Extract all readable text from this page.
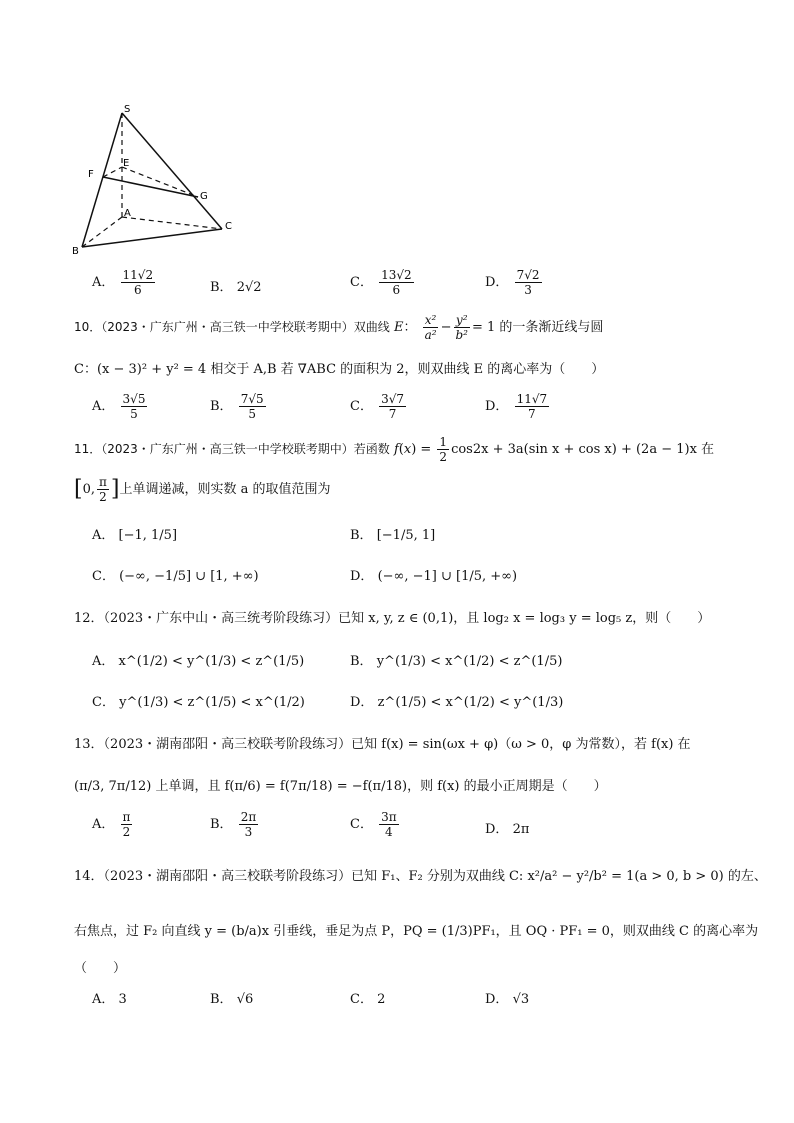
S
E
F
G
A
B
C
A． $\frac{11√2}{6}$	B． 2√2	C． $\frac{13√2}{6}$	D． $\frac{7√2}{3}$
10．（2023・广东广州・高三铁一中学校联考期中）双曲线 E： $\frac{\text{x²}}{\text{a²}} - \frac{\text{y²}}{\text{b²}} = 1$ 的一条渐近线与圆
C：(x − 3)² + y² = 4 相交于 A,B 若 ∇ABC 的面积为 2，则双曲线 E 的离心率为（　　）
A． $\frac{3√5}{5}$	B． $\frac{7√5}{5}$	C． $\frac{3√7}{7}$	D． $\frac{11√7}{7}$
11．（2023・广东广州・高三铁一中学校联考期中）若函数 $f(x) = \frac{1}{2} \cos 2x + 3a(\sin$ x + cos x) + (2a − 1)x 在
[0, $\frac{\pi}{2}$ ]上单调递减，则实数 a 的取值范围为
A． [−1, 1/5]	B． [−1/5, 1]
C． (−∞, −1/5] ∪ [1, +∞)	D． (−∞, −1] ∪ [1/5, +∞)
12．（2023・广东中山・高三统考阶段练习）已知 x, y, z ∈ (0,1)，且 log₂ x = log₃ y = log₅ z，则（　　）
A． x^(1/2) < y^(1/3) < z^(1/5)	B． y^(1/3) < x^(1/2) < z^(1/5)
C． y^(1/3) < z^(1/5) < x^(1/2)	D． z^(1/5) < x^(1/2) < y^(1/3)
13．（2023・湖南邵阳・高三校联考阶段练习）已知 f(x) = sin(ωx + φ)（ω > 0，φ 为常数），若 f(x) 在
(π/3, 7π/12) 上单调，且 f(π/6) = f(7π/18) = −f(π/18)，则 f(x) 的最小正周期是（　　）
A． $\frac{\pi}{2}$	B． $\frac{2\pi}{3}$	C． $\frac{3\pi}{4}$	D． 2π
14．（2023・湖南邵阳・高三校联考阶段练习）已知 F₁、F₂ 分别为双曲线 C: x²/a² − y²/b² = 1(a > 0, b > 0) 的左、
右焦点，过 F₂ 向直线 y = (b/a)x 引垂线，垂足为点 P，PQ = (1/3)PF₁，且 OQ · PF₁ = 0，则双曲线 C 的离心率为
（　　）
A． 3	B． √6	C． 2	D． √3
